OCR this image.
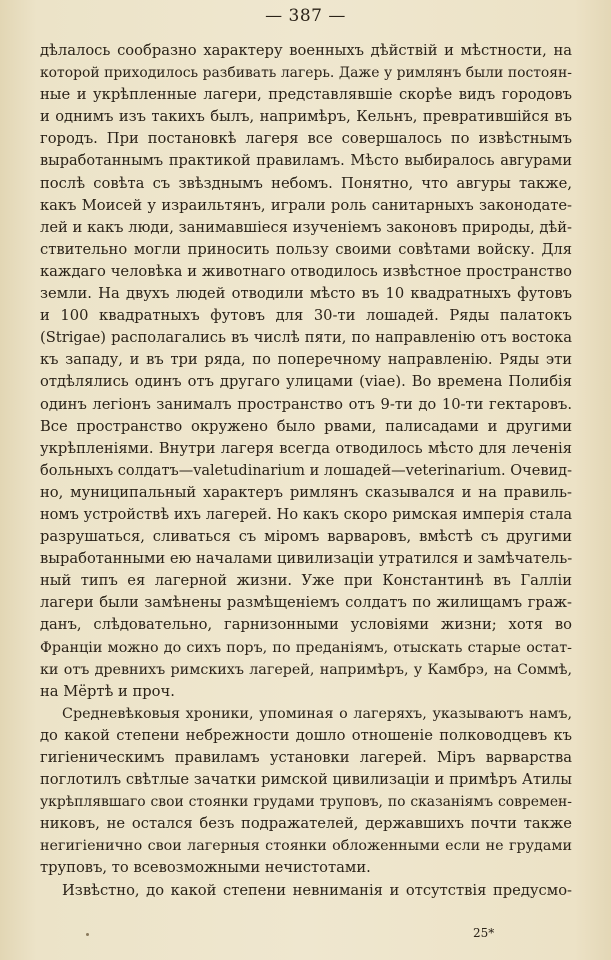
— 387 —
дѣлалось сообразно характеру военныхъ дѣйствій и мѣстности, на
которой приходилось разбивать лагерь. Даже у римлянъ были постоян-
ные и укрѣпленные лагери, представлявшіе скорѣе видъ городовъ
и однимъ изъ такихъ былъ, напримѣръ, Кельнъ, превратившійся въ
городъ. При постановкѣ лагеря все совершалось по извѣстнымъ
выработаннымъ практикой правиламъ. Мѣсто выбиралось авгурами
послѣ совѣта съ звѣзднымъ небомъ. Понятно, что авгуры также,
какъ Моисей у израильтянъ, играли роль санитарныхъ законодате-
лей и какъ люди, занимавшіеся изученіемъ законовъ природы, дѣй-
ствительно могли приносить пользу своими совѣтами войску. Для
каждаго человѣка и животнаго отводилось извѣстное пространство
земли. На двухъ людей отводили мѣсто въ 10 квадратныхъ футовъ
и 100 квадратныхъ футовъ для 30-ти лошадей. Ряды палатокъ
(Strigae) располагались въ числѣ пяти, по направленію отъ востока
къ западу, и въ три ряда, по поперечному направленію. Ряды эти
отдѣлялись одинъ отъ другаго улицами (viae). Во времена Полибія
одинъ легіонъ занималъ пространство отъ 9-ти до 10-ти гектаровъ.
Все пространство окружено было рвами, палисадами и другими
укрѣпленіями. Внутри лагеря всегда отводилось мѣсто для леченія
больныхъ солдатъ—valetudinarium и лошадей—veterinarium. Очевид-
но, муниципальный характеръ римлянъ сказывался и на правиль-
номъ устройствѣ ихъ лагерей. Но какъ скоро римская имперія стала
разрушаться, сливаться съ міромъ варваровъ, вмѣстѣ съ другими
выработанными ею началами цивилизаціи утратился и замѣчатель-
ный типъ ея лагерной жизни. Уже при Константинѣ въ Галліи
лагери были замѣнены размѣщеніемъ солдатъ по жилищамъ граж-
данъ, слѣдовательно, гарнизонными условіями жизни; хотя во
Франціи можно до сихъ поръ, по преданіямъ, отыскать старые остат-
ки отъ древнихъ римскихъ лагерей, напримѣръ, у Камбрэ, на Соммѣ,
на Мёртѣ и проч.
Средневѣковыя хроники, упоминая о лагеряхъ, указываютъ намъ,
до какой степени небрежности дошло отношеніе полководцевъ къ
гигіеническимъ правиламъ установки лагерей. Міръ варварства
поглотилъ свѣтлые зачатки римской цивилизаціи и примѣръ Атилы
укрѣплявшаго свои стоянки грудами труповъ, по сказаніямъ современ-
никовъ, не остался безъ подражателей, державшихъ почти также
негигіенично свои лагерныя стоянки обложенными если не грудами
труповъ, то всевозможными нечистотами.
Извѣстно, до какой степени невниманія и отсутствія предусмо-
25*
